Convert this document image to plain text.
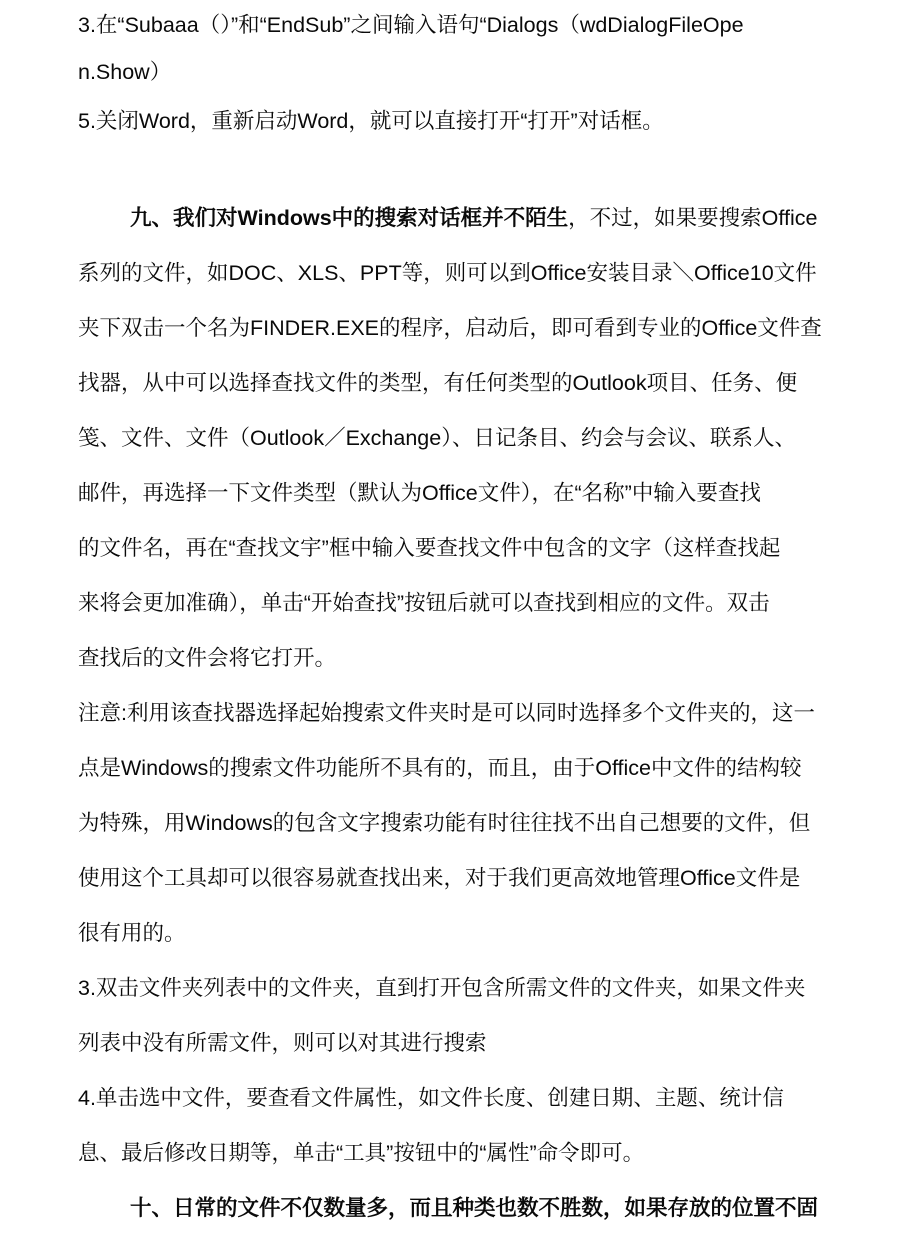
3.在“Subaaa（）”和“EndSub”之间输入语句“Dialogs（wdDialogFileOpe
n.Show）
5.关闭Word，重新启动Word，就可以直接打开“打开”对话框。
九、我们对Windows中的搜索对话框并不陌生，不过，如果要搜索Office
系列的文件，如DOC、XLS、PPT等，则可以到Office安装目录＼Office10文件
夹下双击一个名为FINDER.EXE的程序，启动后，即可看到专业的Office文件查
找器，从中可以选择查找文件的类型，有任何类型的Outlook项目、任务、便
笺、文件、文件（Outlook／Exchange）、日记条目、约会与会议、联系人、
邮件，再选择一下文件类型（默认为Office文件），在“名称”中输入要查找
的文件名，再在“查找文宇”框中输入要查找文件中包含的文字（这样查找起
来将会更加准确），单击“开始查找”按钮后就可以查找到相应的文件。双击
查找后的文件会将它打开。
注意:利用该查找器选择起始搜索文件夹时是可以同时选择多个文件夹的，这一
点是Windows的搜索文件功能所不具有的，而且，由于Office中文件的结构较
为特殊，用Windows的包含文字搜索功能有时往往找不出自己想要的文件，但
使用这个工具却可以很容易就查找出来，对于我们更高效地管理Office文件是
很有用的。
3.双击文件夹列表中的文件夹，直到打开包含所需文件的文件夹，如果文件夹
列表中没有所需文件，则可以对其进行搜索
4.单击选中文件，要查看文件属性，如文件长度、创建日期、主题、统计信
息、最后修改日期等，单击“工具”按钮中的“属性”命令即可。
十、日常的文件不仅数量多，而且种类也数不胜数，如果存放的位置不固
